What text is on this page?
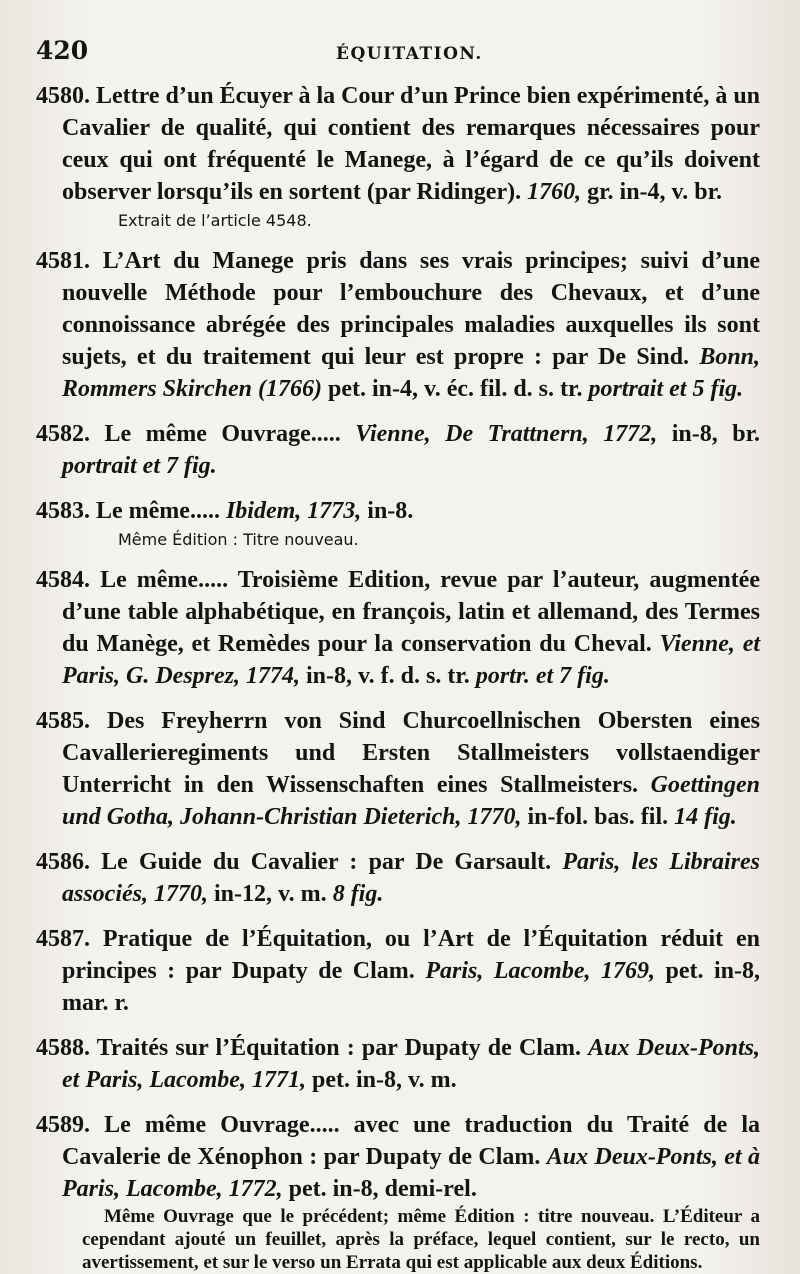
420	ÉQUITATION.

4580. Lettre d’un Écuyer à la Cour d’un Prince bien expérimenté, à un Cavalier de qualité, qui contient des remarques nécessaires pour ceux qui ont fréquenté le Manege, à l’égard de ce qu’ils doivent observer lorsqu’ils en sortent (par Ridinger). 1760, gr. in-4, v. br.

Extrait de l’article 4548.

4581. L’Art du Manege pris dans ses vrais principes; suivi d’une nouvelle Méthode pour l’embouchure des Chevaux, et d’une connoissance abrégée des principales maladies auxquelles ils sont sujets, et du traitement qui leur est propre : par De Sind. Bonn, Rommers Skirchen (1766) pet. in-4, v. éc. fil. d. s. tr. portrait et 5 fig.

4582. Le même Ouvrage..... Vienne, De Trattnern, 1772, in-8, br. portrait et 7 fig.

4583. Le même..... Ibidem, 1773, in-8.

Même Édition : Titre nouveau.

4584. Le même..... Troisième Edition, revue par l’auteur, augmentée d’une table alphabétique, en françois, latin et allemand, des Termes du Manège, et Remèdes pour la conservation du Cheval. Vienne, et Paris, G. Desprez, 1774, in-8, v. f. d. s. tr. portr. et 7 fig.

4585. Des Freyherrn von Sind Churcoellnischen Obersten eines Cavallerieregiments und Ersten Stallmeisters vollstaendiger Unterricht in den Wissenschaften eines Stallmeisters. Goettingen und Gotha, Johann-Christian Dieterich, 1770, in-fol. bas. fil. 14 fig.

4586. Le Guide du Cavalier : par De Garsault. Paris, les Libraires associés, 1770, in-12, v. m. 8 fig.

4587. Pratique de l’Équitation, ou l’Art de l’Équitation réduit en principes : par Dupaty de Clam. Paris, Lacombe, 1769, pet. in-8, mar. r.

4588. Traités sur l’Équitation : par Dupaty de Clam. Aux Deux-Ponts, et Paris, Lacombe, 1771, pet. in-8, v. m.

4589. Le même Ouvrage..... avec une traduction du Traité de la Cavalerie de Xénophon : par Dupaty de Clam. Aux Deux-Ponts, et à Paris, Lacombe, 1772, pet. in-8, demi-rel.

Même Ouvrage que le précédent; même Édition : titre nouveau. L’Éditeur a cependant ajouté un feuillet, après la préface, lequel contient, sur le recto, un avertissement, et sur le verso un Errata qui est applicable aux deux Éditions.
